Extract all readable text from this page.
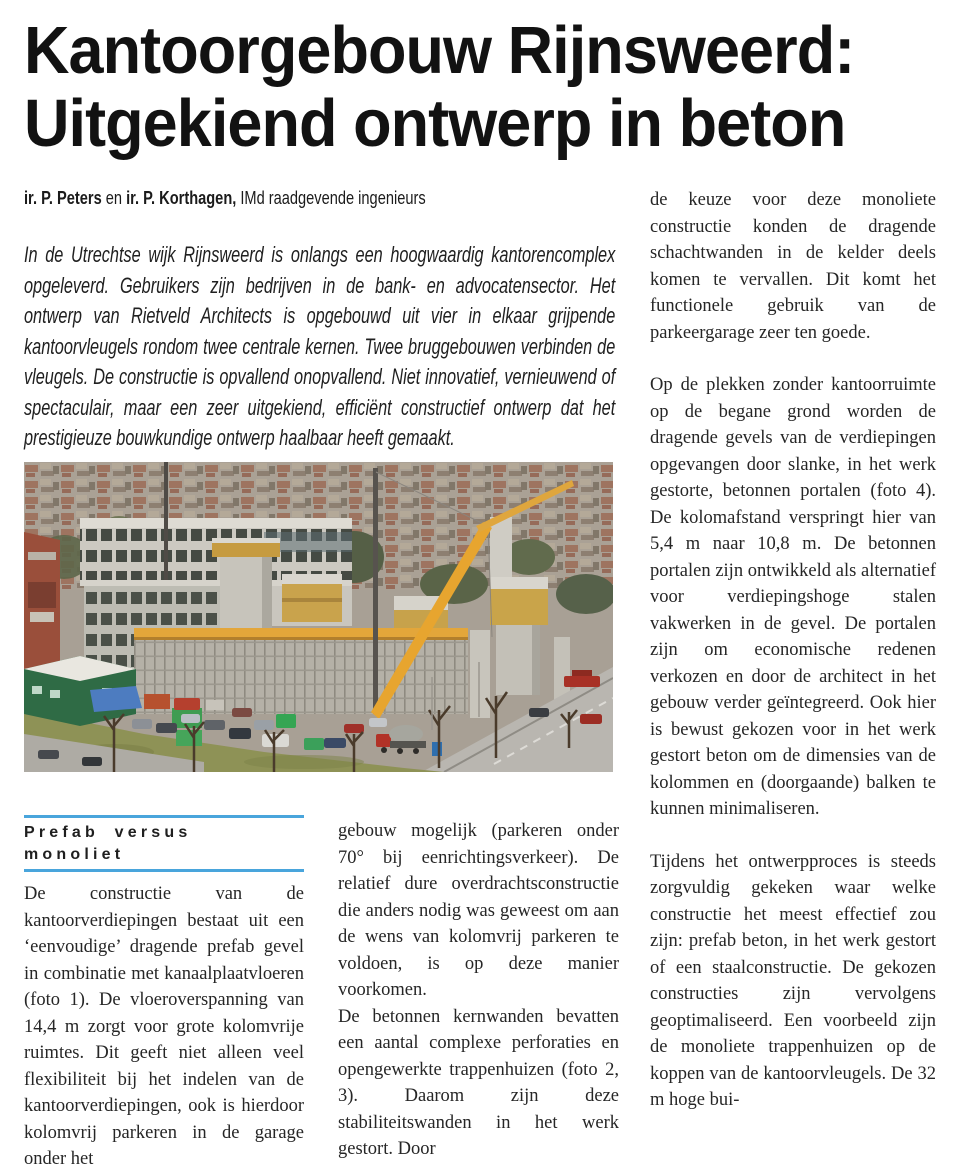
Kantoorgebouw Rijnsweerd:
Uitgekiend ontwerp in beton

ir. P. Peters en ir. P. Korthagen, IMd raadgevende ingenieurs

In de Utrechtse wijk Rijnsweerd is onlangs een hoogwaardig kantorencomplex opgeleverd. Gebruikers zijn bedrijven in de bank- en advocatensector. Het ontwerp van Rietveld Architects is opgebouwd uit vier in elkaar grijpende kantoorvleugels rondom twee centrale kernen. Twee bruggebouwen verbinden de vleugels. De constructie is opvallend onopvallend. Niet innovatief, vernieuwend of spectaculair, maar een zeer uitgekiend, efficiënt constructief ontwerp dat het prestigieuze bouwkundige ontwerp haalbaar heeft gemaakt.

Prefab versus monoliet

De constructie van de kantoorverdiepingen bestaat uit een ‘eenvoudige’ dragende prefab gevel in combinatie met kanaalplaatvloeren (foto 1). De vloeroverspanning van 14,4 m zorgt voor grote kolomvrije ruimtes. Dit geeft niet alleen veel flexibiliteit bij het indelen van de kantoorverdiepingen, ook is hierdoor kolomvrij parkeren in de garage onder het

gebouw mogelijk (parkeren onder 70° bij eenrichtingsverkeer). De relatief dure overdrachtsconstructie die anders nodig was geweest om aan de wens van kolomvrij parkeren te voldoen, is op deze manier voorkomen.

De betonnen kernwanden bevatten een aantal complexe perforaties en opengewerkte trappenhuizen (foto 2, 3). Daarom zijn deze stabiliteitswanden in het werk gestort. Door

de keuze voor deze monoliete constructie konden de dragende schachtwanden in de kelder deels komen te vervallen. Dit komt het functionele gebruik van de parkeergarage zeer ten goede.

Op de plekken zonder kantoorruimte op de begane grond worden de dragende gevels van de verdiepingen opgevangen door slanke, in het werk gestorte, betonnen portalen (foto 4). De kolomafstand verspringt hier van 5,4 m naar 10,8 m. De betonnen portalen zijn ontwikkeld als alternatief voor verdiepingshoge stalen vakwerken in de gevel. De portalen zijn om economische redenen verkozen en door de architect in het gebouw verder geïntegreerd. Ook hier is bewust gekozen voor in het werk gestort beton om de dimensies van de kolommen en (doorgaande) balken te kunnen minimaliseren.

Tijdens het ontwerpproces is steeds zorgvuldig gekeken waar welke constructie het meest effectief zou zijn: prefab beton, in het werk gestort of een staalconstructie. De gekozen constructies zijn vervolgens geoptimaliseerd. Een voorbeeld zijn de monoliete trappenhuizen op de koppen van de kantoorvleugels. De 32 m hoge bui-
